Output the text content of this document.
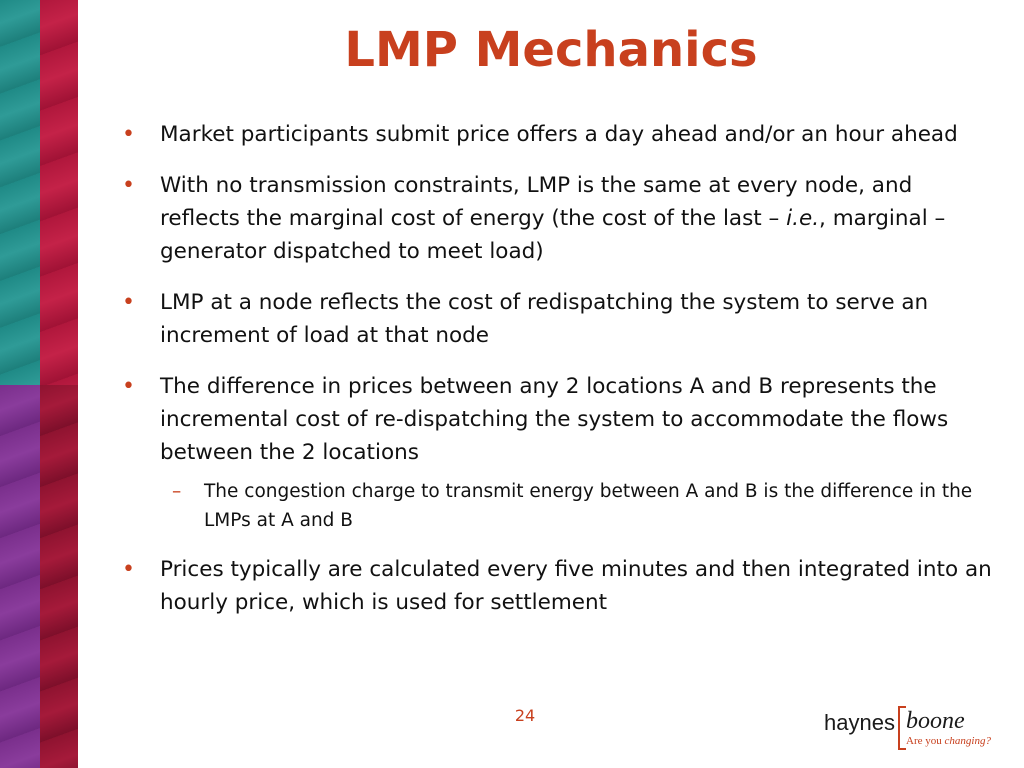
LMP Mechanics
• Market participants submit price offers a day ahead and/or an hour ahead
• With no transmission constraints, LMP is the same at every node, and reflects the marginal cost of energy (the cost of the last – i.e., marginal – generator dispatched to meet load)
• LMP at a node reflects the cost of redispatching the system to serve an increment of load at that node
• The difference in prices between any 2 locations A and B represents the incremental cost of re-dispatching the system to accommodate the flows between the 2 locations
– The congestion charge to transmit energy between A and B is the difference in the LMPs at A and B
• Prices typically are calculated every five minutes and then integrated into an hourly price, which is used for settlement
24	haynes boone
Are you changing?
